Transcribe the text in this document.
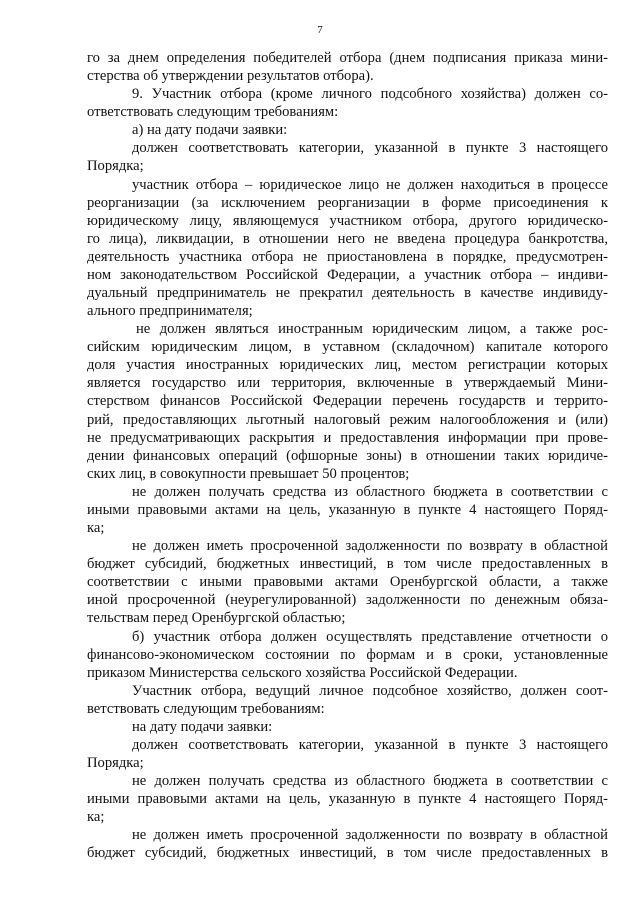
7
го за днем определения победителей отбора (днем подписания приказа мини-
стерства об утверждении результатов отбора).
9. Участник отбора (кроме личного подсобного хозяйства) должен со-
ответствовать следующим требованиям:
а) на дату подачи заявки:
должен соответствовать категории, указанной в пункте 3 настоящего
Порядка;
участник отбора – юридическое лицо не должен находиться в процессе
реорганизации (за исключением реорганизации в форме присоединения к
юридическому лицу, являющемуся участником отбора, другого юридическо-
го лица), ликвидации, в отношении него не введена процедура банкротства,
деятельность участника отбора не приостановлена в порядке, предусмотрен-
ном законодательством Российской Федерации, а участник отбора – индиви-
дуальный предприниматель не прекратил деятельность в качестве индивиду-
ального предпринимателя;
не должен являться иностранным юридическим лицом, а также рос-
сийским юридическим лицом, в уставном (складочном) капитале которого
доля участия иностранных юридических лиц, местом регистрации которых
является государство или территория, включенные в утверждаемый Мини-
стерством финансов Российской Федерации перечень государств и террито-
рий, предоставляющих льготный налоговый режим налогообложения и (или)
не предусматривающих раскрытия и предоставления информации при прове-
дении финансовых операций (офшорные зоны) в отношении таких юридиче-
ских лиц, в совокупности превышает 50 процентов;
не должен получать средства из областного бюджета в соответствии с
иными правовыми актами на цель, указанную в пункте 4 настоящего Поряд-
ка;
не должен иметь просроченной задолженности по возврату в областной
бюджет субсидий, бюджетных инвестиций, в том числе предоставленных в
соответствии с иными правовыми актами Оренбургской области, а также
иной просроченной (неурегулированной) задолженности по денежным обяза-
тельствам перед Оренбургской областью;
б) участник отбора должен осуществлять представление отчетности о
финансово-экономическом состоянии по формам и в сроки, установленные
приказом Министерства сельского хозяйства Российской Федерации.
Участник отбора, ведущий личное подсобное хозяйство, должен соот-
ветствовать следующим требованиям:
на дату подачи заявки:
должен соответствовать категории, указанной в пункте 3 настоящего
Порядка;
не должен получать средства из областного бюджета в соответствии с
иными правовыми актами на цель, указанную в пункте 4 настоящего Поряд-
ка;
не должен иметь просроченной задолженности по возврату в областной
бюджет субсидий, бюджетных инвестиций, в том числе предоставленных в
